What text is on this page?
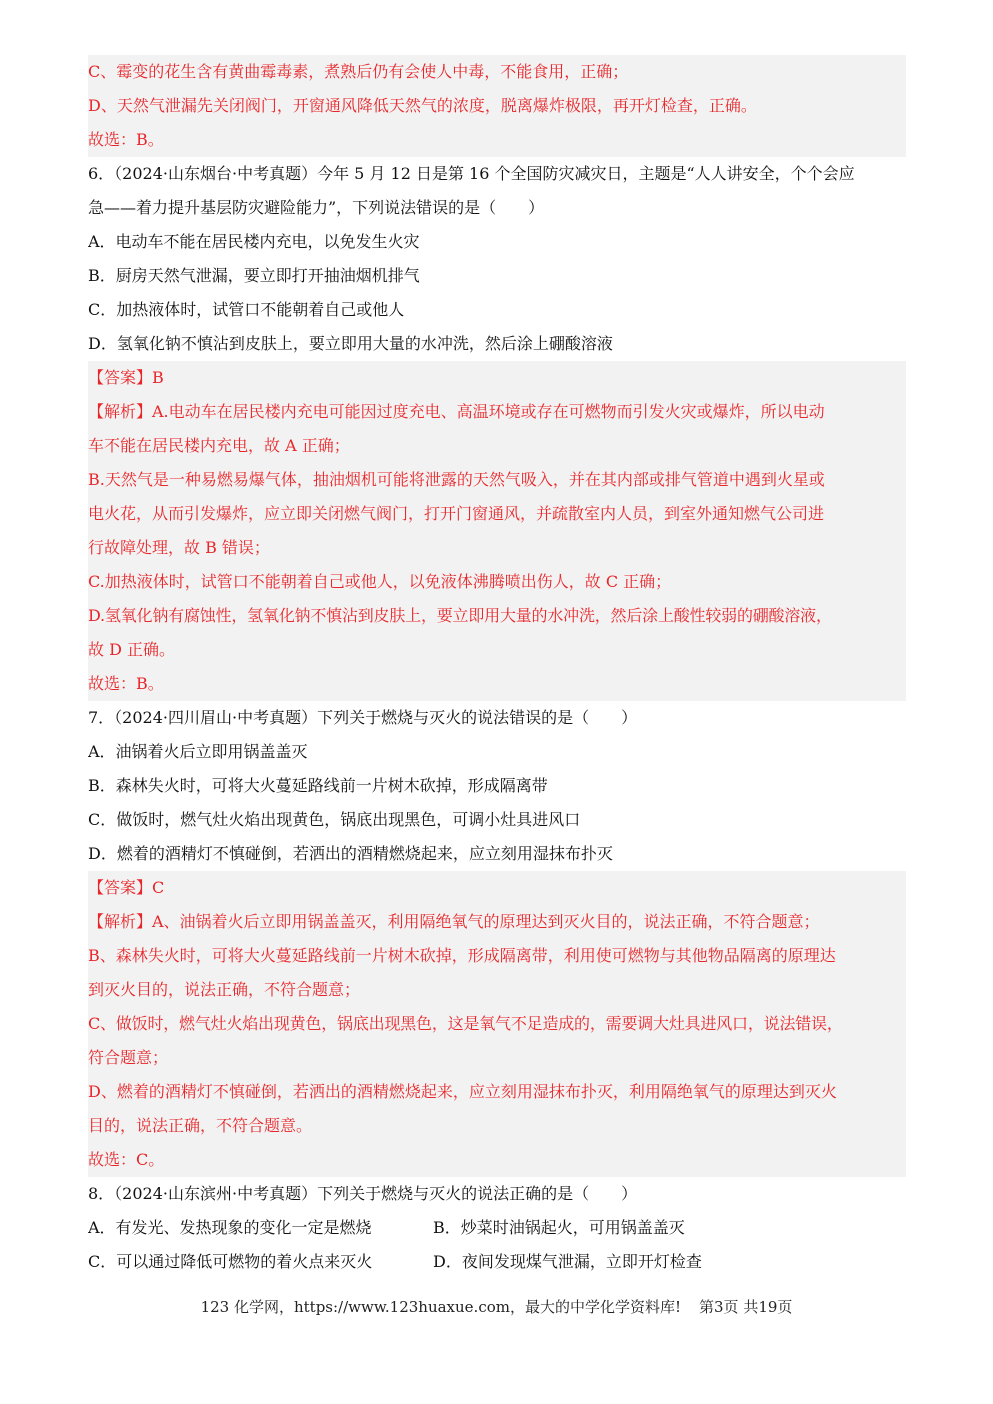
C、霉变的花生含有黄曲霉毒素，煮熟后仍有会使人中毒，不能食用，正确；
D、天然气泄漏先关闭阀门，开窗通风降低天然气的浓度，脱离爆炸极限，再开灯检查，正确。
故选：B。
6．（2024·山东烟台·中考真题）今年 5 月 12 日是第 16 个全国防灾减灾日，主题是“人人讲安全，个个会应
急——着力提升基层防灾避险能力”，下列说法错误的是（　　）
A．电动车不能在居民楼内充电，以免发生火灾
B．厨房天然气泄漏，要立即打开抽油烟机排气
C．加热液体时，试管口不能朝着自己或他人
D．氢氧化钠不慎沾到皮肤上，要立即用大量的水冲洗，然后涂上硼酸溶液
【答案】B
【解析】A.电动车在居民楼内充电可能因过度充电、高温环境或存在可燃物而引发火灾或爆炸，所以电动
车不能在居民楼内充电，故 A 正确；
B.天然气是一种易燃易爆气体，抽油烟机可能将泄露的天然气吸入，并在其内部或排气管道中遇到火星或
电火花，从而引发爆炸，应立即关闭燃气阀门，打开门窗通风，并疏散室内人员，到室外通知燃气公司进
行故障处理，故 B 错误；
C.加热液体时，试管口不能朝着自己或他人，以免液体沸腾喷出伤人，故 C 正确；
D.氢氧化钠有腐蚀性，氢氧化钠不慎沾到皮肤上，要立即用大量的水冲洗，然后涂上酸性较弱的硼酸溶液，
故 D 正确。
故选：B。
7．（2024·四川眉山·中考真题）下列关于燃烧与灭火的说法错误的是（　　）
A．油锅着火后立即用锅盖盖灭
B．森林失火时，可将大火蔓延路线前一片树木砍掉，形成隔离带
C．做饭时，燃气灶火焰出现黄色，锅底出现黑色，可调小灶具进风口
D．燃着的酒精灯不慎碰倒，若洒出的酒精燃烧起来，应立刻用湿抹布扑灭
【答案】C
【解析】A、油锅着火后立即用锅盖盖灭，利用隔绝氧气的原理达到灭火目的，说法正确，不符合题意；
B、森林失火时，可将大火蔓延路线前一片树木砍掉，形成隔离带，利用使可燃物与其他物品隔离的原理达
到灭火目的，说法正确，不符合题意；
C、做饭时，燃气灶火焰出现黄色，锅底出现黑色，这是氧气不足造成的，需要调大灶具进风口，说法错误，
符合题意；
D、燃着的酒精灯不慎碰倒，若洒出的酒精燃烧起来，应立刻用湿抹布扑灭，利用隔绝氧气的原理达到灭火
目的，说法正确，不符合题意。
故选：C。
8．（2024·山东滨州·中考真题）下列关于燃烧与灭火的说法正确的是（　　）
A．有发光、发热现象的变化一定是燃烧	B．炒菜时油锅起火，可用锅盖盖灭
C．可以通过降低可燃物的着火点来灭火	D．夜间发现煤气泄漏，立即开灯检查
123 化学网，https://www.123huaxue.com，最大的中学化学资料库! 第3页 共19页
